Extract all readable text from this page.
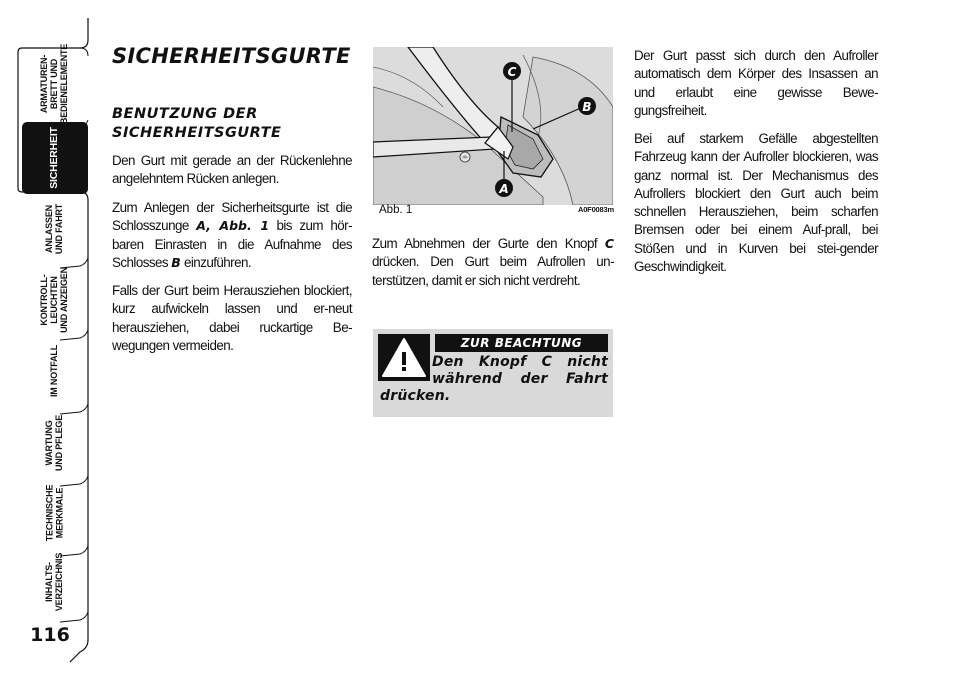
ARMATUREN-
BRETT UND
BEDIENELEMENTE
SICHERHEIT
ANLASSEN
UND FAHRT
KONTROLL-
LEUCHTEN
UND ANZEIGEN
IM NOTFALL
WARTUNG
UND PFLEGE
TECHNISCHE
MERKMALE
INHALTS-
VERZEICHNIS
116
SICHERHEITSGURTE
BENUTZUNG DER SICHERHEITSGURTE

Den Gurt mit gerade an der Rückenlehne angelehntem Rücken anlegen.

Zum Anlegen der Sicherheitsgurte ist die Schlosszunge A, Abb. 1 bis zum hör-baren Einrasten in die Aufnahme des Schlosses B einzuführen.

Falls der Gurt beim Herausziehen blockiert, kurz aufwickeln lassen und er-neut herausziehen, dabei ruckartige Be-wegungen vermeiden.

C
B
A
Abb. 1	A0F0083m

Zum Abnehmen der Gurte den Knopf C drücken. Den Gurt beim Aufrollen un-terstützen, damit er sich nicht verdreht.

ZUR BEACHTUNG

Den Knopf C nicht
während der Fahrt
drücken.

Der Gurt passt sich durch den Aufroller automatisch dem Körper des Insassen an und erlaubt eine gewisse Bewe-gungsfreiheit.

Bei auf starkem Gefälle abgestellten Fahrzeug kann der Aufroller blockieren, was ganz normal ist. Der Mechanismus des Aufrollers blockiert den Gurt auch beim schnellen Herausziehen, beim scharfen Bremsen oder bei einem Auf-prall, bei Stößen und in Kurven bei stei-gender Geschwindigkeit.
